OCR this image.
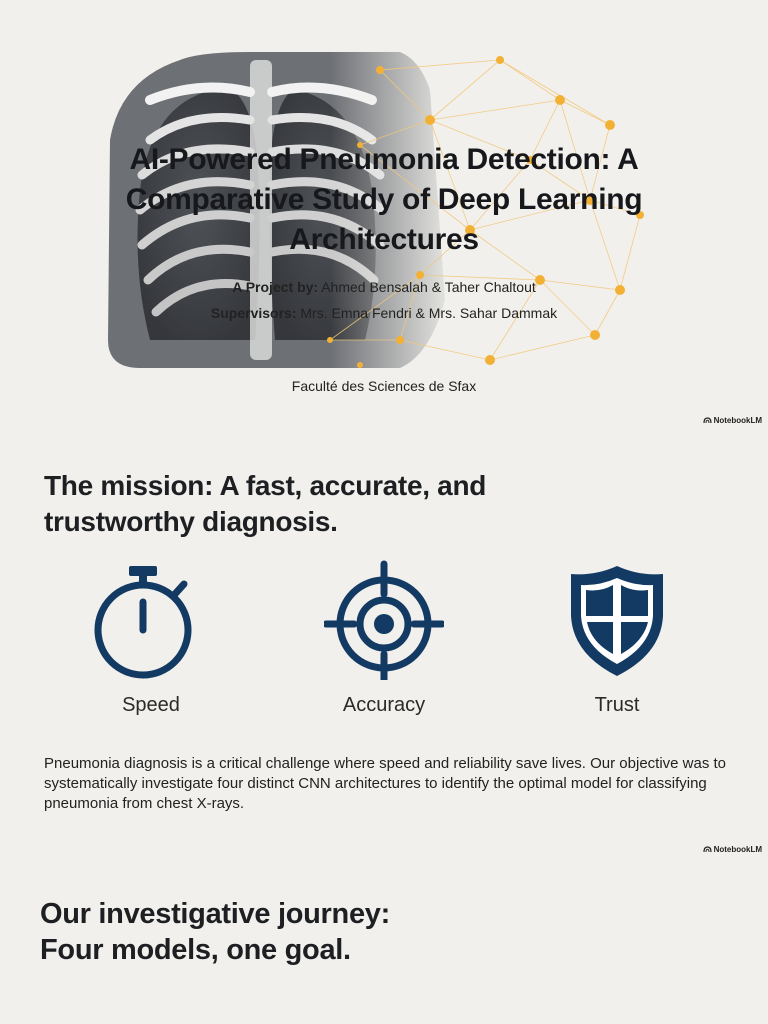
AI-Powered Pneumonia Detection: A Comparative Study of Deep Learning Architectures
A Project by: Ahmed Bensalah & Taher Chaltout
Supervisors: Mrs. Emna Fendri & Mrs. Sahar Dammak
Faculté des Sciences de Sfax
NotebookLM
The mission: A fast, accurate, and trustworthy diagnosis.
Speed	Accuracy	Trust

Pneumonia diagnosis is a critical challenge where speed and reliability save lives. Our objective was to systematically investigate four distinct CNN architectures to identify the optimal model for classifying pneumonia from chest X-rays.

NotebookLM
Our investigative journey:
Four models, one goal.
